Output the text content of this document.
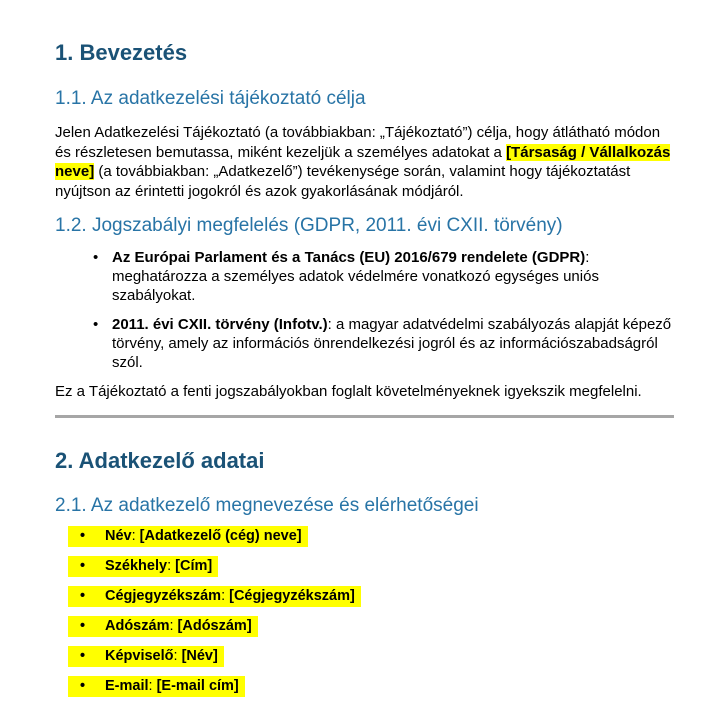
1. Bevezetés
1.1. Az adatkezelési tájékoztató célja

Jelen Adatkezelési Tájékoztató (a továbbiakban: „Tájékoztató”) célja, hogy átlátható módon és részletesen bemutassa, miként kezeljük a személyes adatokat a [Társaság / Vállalkozás neve] (a továbbiakban: „Adatkezelő”) tevékenysége során, valamint hogy tájékoztatást nyújtson az érintetti jogokról és azok gyakorlásának módjáról.

1.2. Jogszabályi megfelelés (GDPR, 2011. évi CXII. törvény)
• Az Európai Parlament és a Tanács (EU) 2016/679 rendelete (GDPR): meghatározza a személyes adatok védelmére vonatkozó egységes uniós szabályokat.
• 2011. évi CXII. törvény (Infotv.): a magyar adatvédelmi szabályozás alapját képező törvény, amely az információs önrendelkezési jogról és az információszabadságról szól.

Ez a Tájékoztató a fenti jogszabályokban foglalt követelményeknek igyekszik megfelelni.

2. Adatkezelő adatai
2.1. Az adatkezelő megnevezése és elérhetőségei
• Név: [Adatkezelő (cég) neve]
• Székhely: [Cím]
• Cégjegyzékszám: [Cégjegyzékszám]
• Adószám: [Adószám]
• Képviselő: [Név]
• E-mail: [E-mail cím]
